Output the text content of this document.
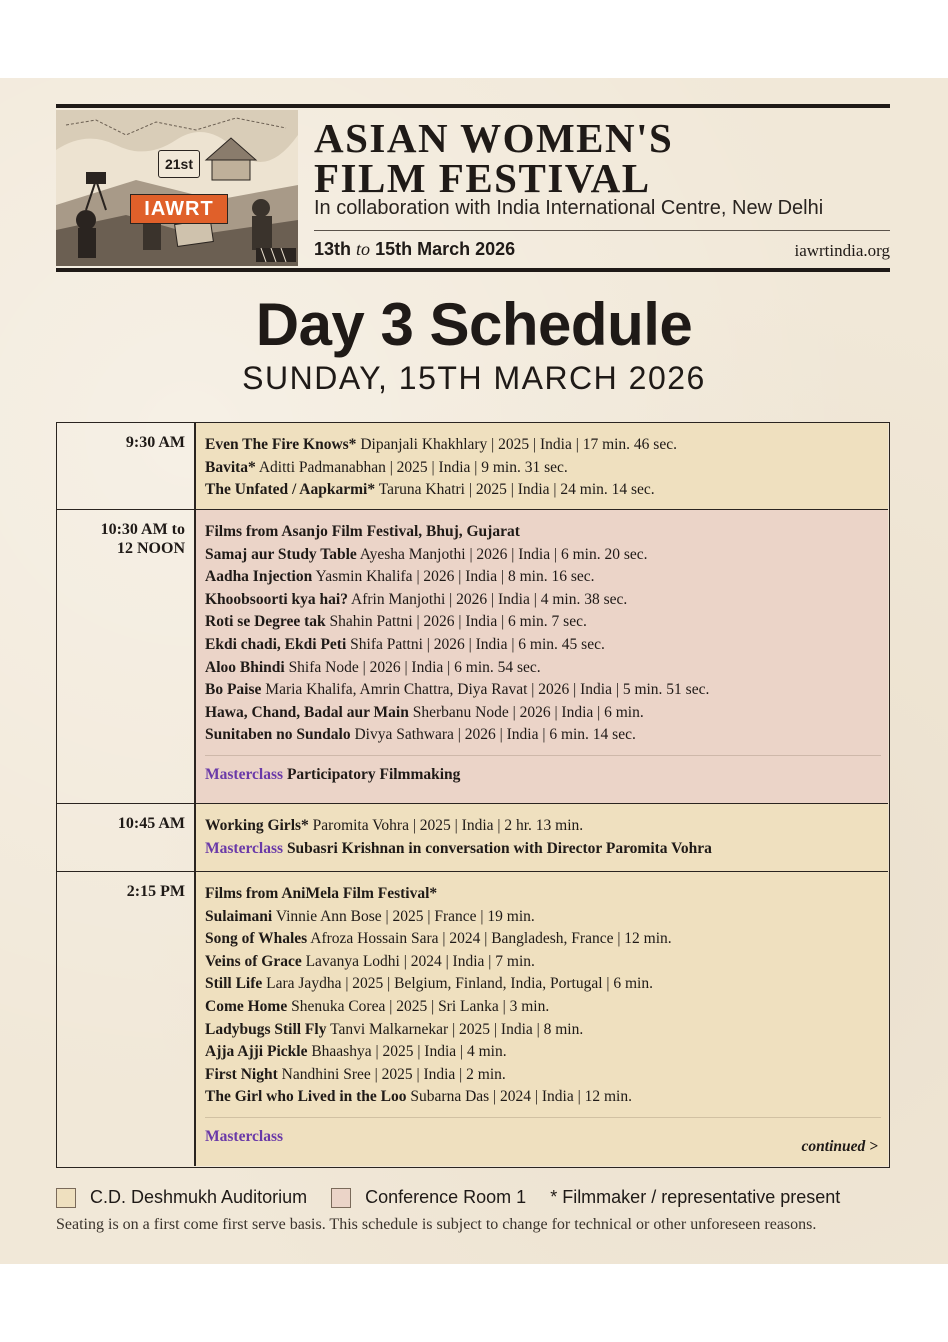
21st
IAWRT
ASIAN WOMEN'S
FILM FESTIVAL
In collaboration with India International Centre, New Delhi
13th to 15th March 2026	iawrtindia.org
Day 3 Schedule
SUNDAY, 15TH MARCH 2026
9:30 AM Even The Fire Knows* Dipanjali Khakhlary | 2025 | India | 17 min. 46 sec.
Bavita* Aditti Padmanabhan | 2025 | India | 9 min. 31 sec.
The Unfated / Aapkarmi* Taruna Khatri | 2025 | India | 24 min. 14 sec.
10:30 AM to
12 NOON
Films from Asanjo Film Festival, Bhuj, Gujarat
Samaj aur Study Table Ayesha Manjothi | 2026 | India | 6 min. 20 sec.
Aadha Injection Yasmin Khalifa | 2026 | India | 8 min. 16 sec.
Khoobsoorti kya hai? Afrin Manjothi | 2026 | India | 4 min. 38 sec.
Roti se Degree tak Shahin Pattni | 2026 | India | 6 min. 7 sec.
Ekdi chadi, Ekdi Peti Shifa Pattni | 2026 | India | 6 min. 45 sec.
Aloo Bhindi Shifa Node | 2026 | India | 6 min. 54 sec.
Bo Paise Maria Khalifa, Amrin Chattra, Diya Ravat | 2026 | India | 5 min. 51 sec.
Hawa, Chand, Badal aur Main Sherbanu Node | 2026 | India | 6 min.
Sunitaben no Sundalo Divya Sathwara | 2026 | India | 6 min. 14 sec.
Masterclass Participatory Filmmaking
10:45 AM Working Girls* Paromita Vohra | 2025 | India | 2 hr. 13 min.
Masterclass Subasri Krishnan in conversation with Director Paromita Vohra
2:15 PM Films from AniMela Film Festival*
Sulaimani Vinnie Ann Bose | 2025 | France | 19 min.
Song of Whales Afroza Hossain Sara | 2024 | Bangladesh, France | 12 min.
Veins of Grace Lavanya Lodhi | 2024 | India | 7 min.
Still Life Lara Jaydha | 2025 | Belgium, Finland, India, Portugal | 6 min.
Come Home Shenuka Corea | 2025 | Sri Lanka | 3 min.
Ladybugs Still Fly Tanvi Malkarnekar | 2025 | India | 8 min.
Ajja Ajji Pickle Bhaashya | 2025 | India | 4 min.
First Night Nandhini Sree | 2025 | India | 2 min.
The Girl who Lived in the Loo Subarna Das | 2024 | India | 12 min.
Masterclass
continued >
C.D. Deshmukh Auditorium	Conference Room 1 * Filmmaker / representative present
Seating is on a first come first serve basis. This schedule is subject to change for technical or other unforeseen reasons.
